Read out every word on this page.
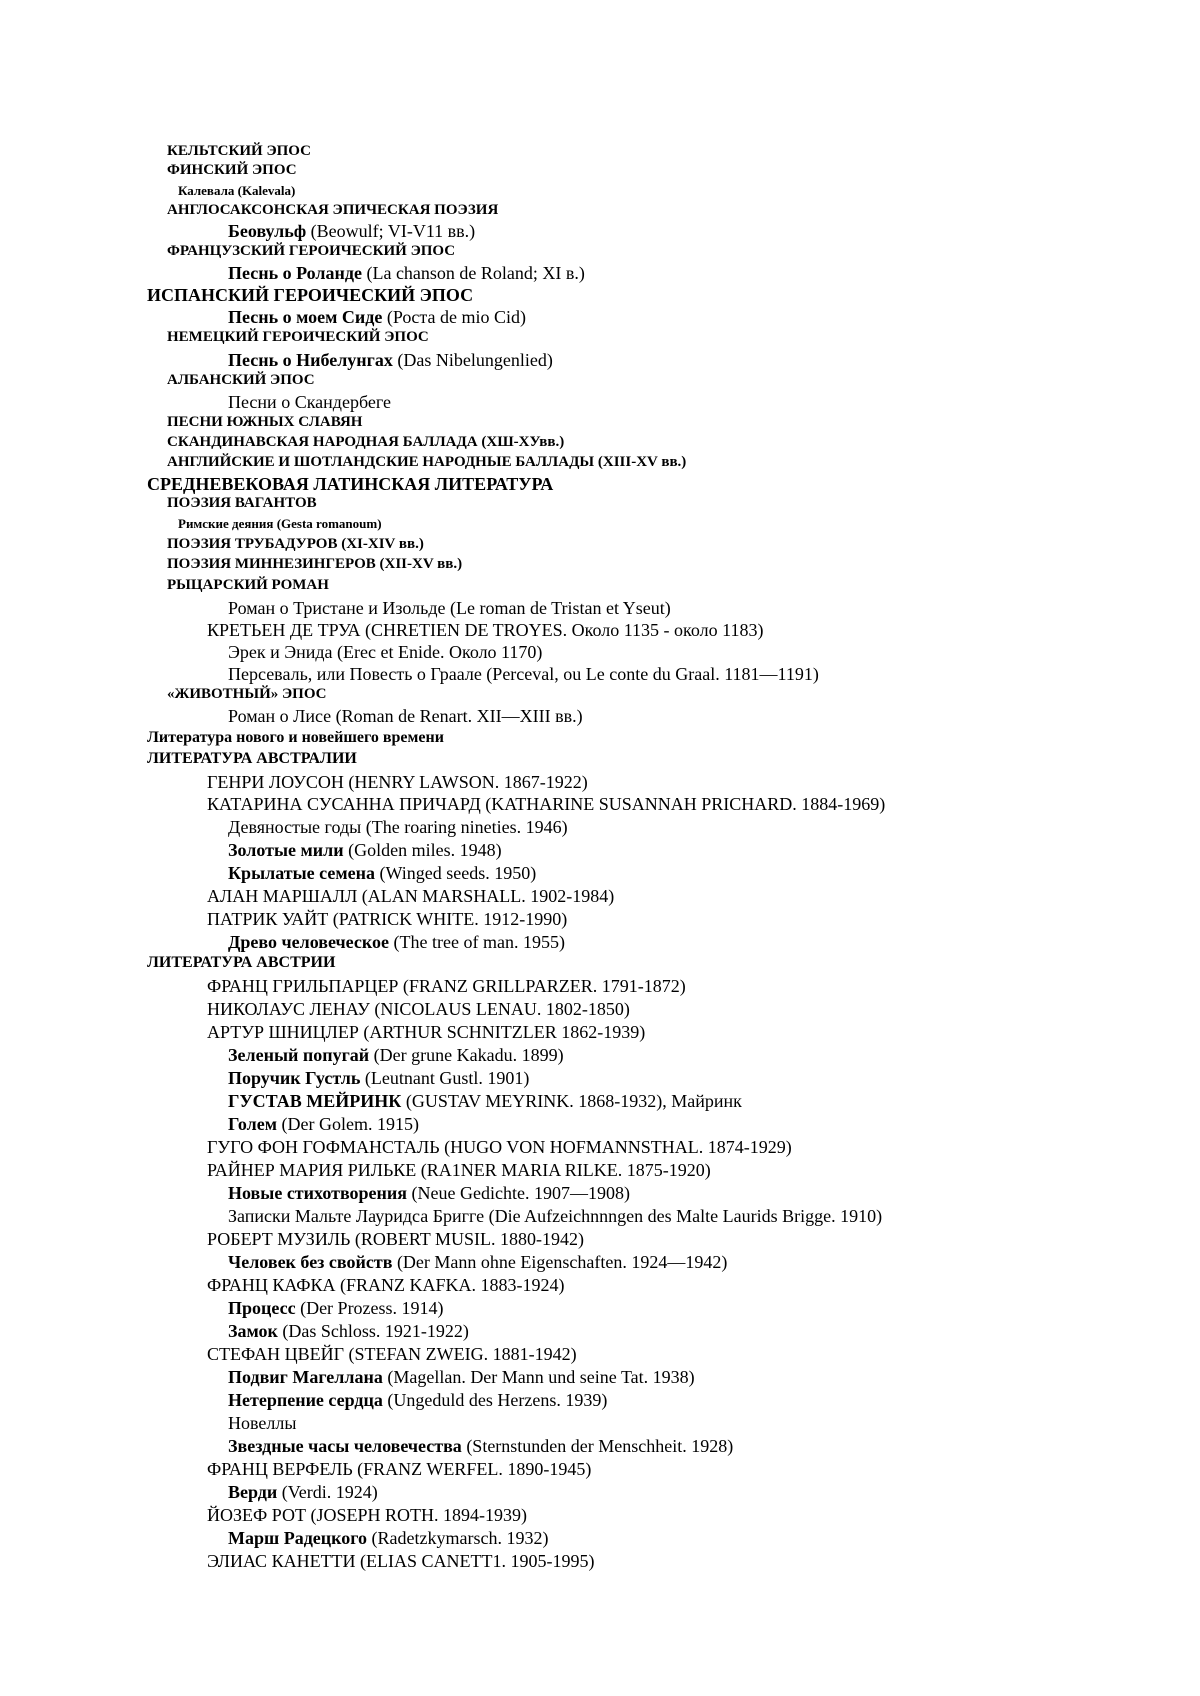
КЕЛЬТСКИЙ ЭПОС
ФИНСКИЙ ЭПОС
Калевала (Kalevala)
АНГЛОСАКСОНСКАЯ ЭПИЧЕСКАЯ ПОЭЗИЯ
Беовульф (Beowulf; VI-V11 вв.)
ФРАНЦУЗСКИЙ ГЕРОИЧЕСКИЙ ЭПОС
Песнь о Роланде (La chanson de Roland; XI в.)
ИСПАНСКИЙ ГЕРОИЧЕСКИЙ ЭПОС
Песнь о моем Сиде (Роcта de mio Cid)
НЕМЕЦКИЙ ГЕРОИЧЕСКИЙ ЭПОС
Песнь о Нибелунгах (Das Nibelungenlied)
АЛБАНСКИЙ ЭПОС
Песни о Скандербеге
ПЕСНИ ЮЖНЫХ СЛАВЯН
СКАНДИНАВСКАЯ НАРОДНАЯ БАЛЛАДА (ХШ-ХУвв.)
АНГЛИЙСКИЕ И ШОТЛАНДСКИЕ НАРОДНЫЕ БАЛЛАДЫ (XIII-XV вв.)
СРЕДНЕВЕКОВАЯ ЛАТИНСКАЯ ЛИТЕРАТУРА
ПОЭЗИЯ ВАГАНТОВ
Римские деяния (Gesta romanoum)
ПОЭЗИЯ ТРУБАДУРОВ (XI-XIV вв.)
ПОЭЗИЯ МИННЕЗИНГЕРОВ (XII-XV вв.)
РЫЦАРСКИЙ РОМАН
Роман о Тристане и Изольде (Le roman de Tristan et Yseut)
КРЕТЬЕН ДЕ ТРУА (CHRETIEN DE TROYES. Около 1135 - около 1183)
Эрек и Энида (Erec et Enide. Около 1170)
Персеваль, или Повесть о Граале (Perceval, ou Le conte du Graal. 1181—1191)
«ЖИВОТНЫЙ» ЭПОС
Роман о Лисе (Roman de Renart. XII—XIII вв.)
Литература нового и новейшего времени
ЛИТЕРАТУРА АВСТРАЛИИ
ГЕНРИ ЛОУСОН (HENRY LAWSON. 1867-1922)
КАТАРИНА СУСАННА ПРИЧАРД (KATHARINE SUSANNAH PRICHARD. 1884-1969)
Девяностые годы (The roaring nineties. 1946)
Золотые мили (Golden miles. 1948)
Крылатые семена (Winged seeds. 1950)
АЛАН МАРШАЛЛ (ALAN MARSHALL. 1902-1984)
ПАТРИК УАЙТ (PATRICK WHITE. 1912-1990)
Древо человеческое (The tree of man. 1955)
ЛИТЕРАТУРА АВСТРИИ
ФРАНЦ ГРИЛЬПАРЦЕР (FRANZ GRILLPARZER. 1791-1872)
НИКОЛАУС ЛЕНАУ (NICOLAUS LENAU. 1802-1850)
АРТУР ШНИЦЛЕР (ARTHUR SCHNITZLER 1862-1939)
Зеленый попугай (Der grune Kakadu. 1899)
Поручик Густль (Leutnant Gustl. 1901)
ГУСТАВ МЕЙРИНК (GUSTAV MEYRINK. 1868-1932), Майринк
Голем (Der Golem. 1915)
ГУГО ФОН ГОФМАНСТАЛЬ (HUGO VON HOFMANNSTHAL. 1874-1929)
РАЙНЕР МАРИЯ РИЛЬКЕ (RA1NER MARIA RILKE. 1875-1920)
Новые стихотворения (Neue Gedichte. 1907—1908)
Записки Мальте Лауридса Бригге (Die Aufzeichnnngen des Malte Laurids Brigge. 1910)
РОБЕРТ МУЗИЛЬ (ROBERT MUSIL. 1880-1942)
Человек без свойств (Der Mann ohne Eigenschaften. 1924—1942)
ФРАНЦ КАФКА (FRANZ KAFKA. 1883-1924)
Процесс (Der Prozess. 1914)
Замок (Das Schloss. 1921-1922)
СТЕФАН ЦВЕЙГ (STEFAN ZWEIG. 1881-1942)
Подвиг Магеллана (Magellan. Der Mann und seine Tat. 1938)
Нетерпение сердца (Ungeduld des Herzens. 1939)
Новеллы
Звездные часы человечества (Sternstunden der Menschheit. 1928)
ФРАНЦ ВЕРФЕЛЬ (FRANZ WERFEL. 1890-1945)
Верди (Verdi. 1924)
ЙОЗЕФ РОТ (JOSEPH ROTH. 1894-1939)
Марш Радецкого (Radetzkymarsch. 1932)
ЭЛИАС КАНЕТТИ (ELIAS CANETT1. 1905-1995)
